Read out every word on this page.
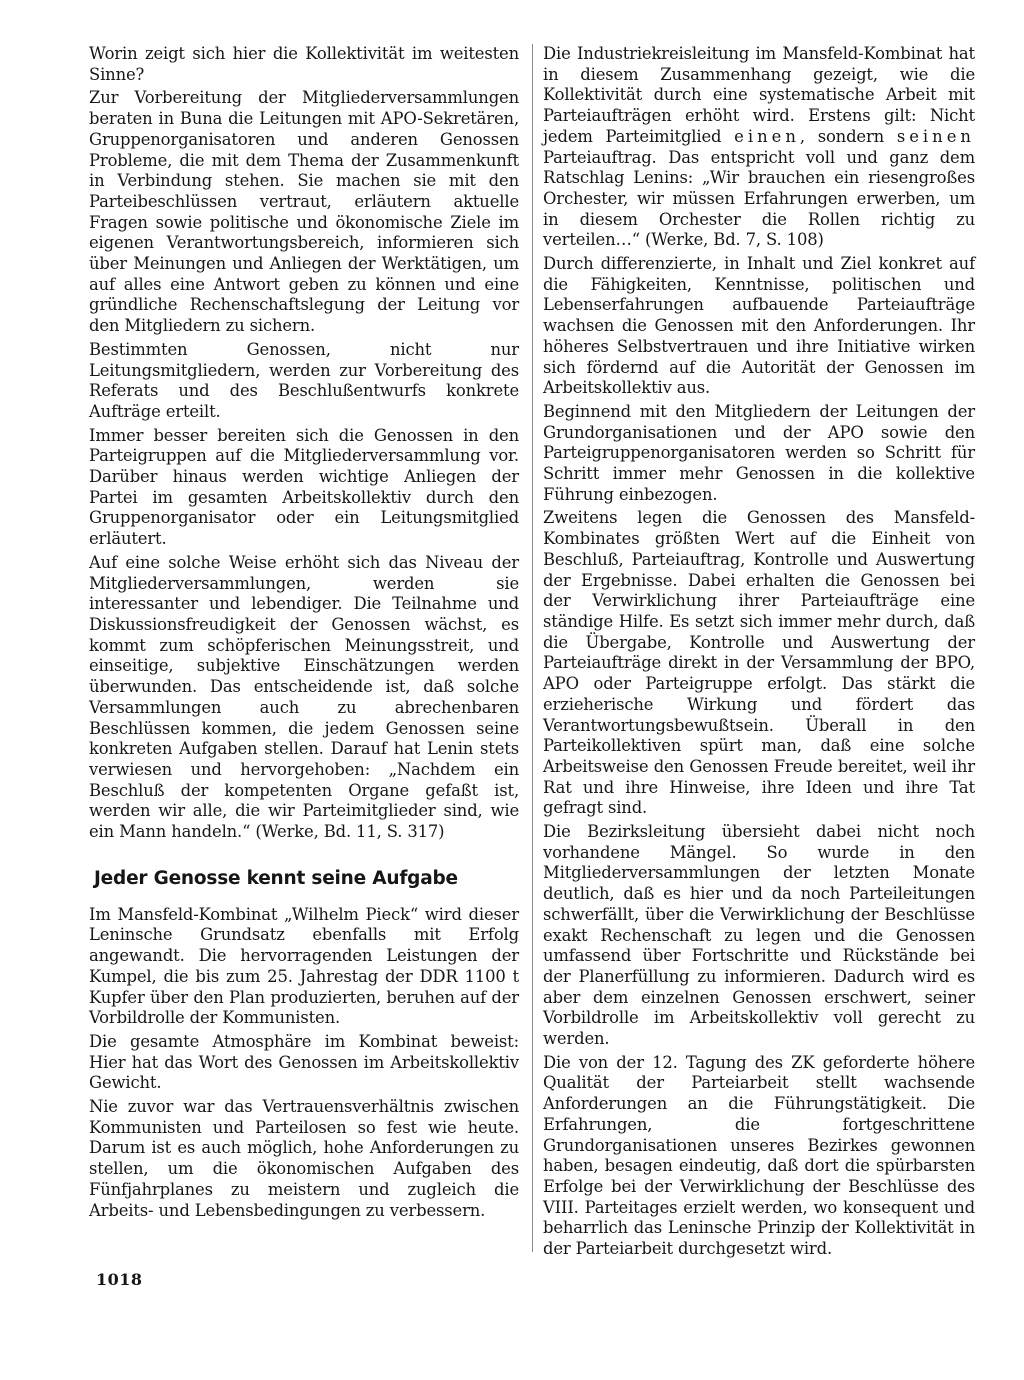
Worin zeigt sich hier die Kollektivität im weitesten Sinne?

Zur Vorbereitung der Mitgliederversammlungen beraten in Buna die Leitungen mit APO-Sekretären, Gruppenorganisatoren und anderen Genossen Probleme, die mit dem Thema der Zusammenkunft in Verbindung stehen. Sie machen sie mit den Parteibeschlüssen vertraut, erläutern aktuelle Fragen sowie politische und ökonomische Ziele im eigenen Verantwortungsbereich, informieren sich über Meinungen und Anliegen der Werktätigen, um auf alles eine Antwort geben zu können und eine gründliche Rechenschaftslegung der Leitung vor den Mitgliedern zu sichern.

Bestimmten Genossen, nicht nur Leitungsmitgliedern, werden zur Vorbereitung des Referats und des Beschlußentwurfs konkrete Aufträge erteilt.

Immer besser bereiten sich die Genossen in den Parteigruppen auf die Mitgliederversammlung vor. Darüber hinaus werden wichtige Anliegen der Partei im gesamten Arbeitskollektiv durch den Gruppenorganisator oder ein Leitungsmitglied erläutert.

Auf eine solche Weise erhöht sich das Niveau der Mitgliederversammlungen, werden sie interessanter und lebendiger. Die Teilnahme und Diskussionsfreudigkeit der Genossen wächst, es kommt zum schöpferischen Meinungsstreit, und einseitige, subjektive Einschätzungen werden überwunden. Das entscheidende ist, daß solche Versammlungen auch zu abrechenbaren Beschlüssen kommen, die jedem Genossen seine konkreten Aufgaben stellen. Darauf hat Lenin stets verwiesen und hervorgehoben: „Nachdem ein Beschluß der kompetenten Organe gefaßt ist, werden wir alle, die wir Parteimitglieder sind, wie ein Mann handeln.“ (Werke, Bd. 11, S. 317)

Jeder Genosse kennt seine Aufgabe

Im Mansfeld-Kombinat „Wilhelm Pieck“ wird dieser Leninsche Grundsatz ebenfalls mit Erfolg angewandt. Die hervorragenden Leistungen der Kumpel, die bis zum 25. Jahrestag der DDR 1100 t Kupfer über den Plan produzierten, beruhen auf der Vorbildrolle der Kommunisten.

Die gesamte Atmosphäre im Kombinat beweist: Hier hat das Wort des Genossen im Arbeitskollektiv Gewicht.

Nie zuvor war das Vertrauensverhältnis zwischen Kommunisten und Parteilosen so fest wie heute. Darum ist es auch möglich, hohe Anforderungen zu stellen, um die ökonomischen Aufgaben des Fünfjahrplanes zu meistern und zugleich die Arbeits- und Lebensbedingungen zu verbessern.

Die Industriekreisleitung im Mansfeld-Kombinat hat in diesem Zusammenhang gezeigt, wie die Kollektivität durch eine systematische Arbeit mit Parteiaufträgen erhöht wird. Erstens gilt: Nicht jedem Parteimitglied einen, sondern seinen Parteiauftrag. Das entspricht voll und ganz dem Ratschlag Lenins: „Wir brauchen ein riesengroßes Orchester, wir müssen Erfahrungen erwerben, um in diesem Orchester die Rollen richtig zu verteilen…“ (Werke, Bd. 7, S. 108)

Durch differenzierte, in Inhalt und Ziel konkret auf die Fähigkeiten, Kenntnisse, politischen und Lebenserfahrungen aufbauende Parteiaufträge wachsen die Genossen mit den Anforderungen. Ihr höheres Selbstvertrauen und ihre Initiative wirken sich fördernd auf die Autorität der Genossen im Arbeitskollektiv aus.

Beginnend mit den Mitgliedern der Leitungen der Grundorganisationen und der APO sowie den Parteigruppenorganisatoren werden so Schritt für Schritt immer mehr Genossen in die kollektive Führung einbezogen.

Zweitens legen die Genossen des Mansfeld-Kombinates größten Wert auf die Einheit von Beschluß, Parteiauftrag, Kontrolle und Auswertung der Ergebnisse. Dabei erhalten die Genossen bei der Verwirklichung ihrer Parteiaufträge eine ständige Hilfe. Es setzt sich immer mehr durch, daß die Übergabe, Kontrolle und Auswertung der Parteiaufträge direkt in der Versammlung der BPO, APO oder Parteigruppe erfolgt. Das stärkt die erzieherische Wirkung und fördert das Verantwortungsbewußtsein. Überall in den Parteikollektiven spürt man, daß eine solche Arbeitsweise den Genossen Freude bereitet, weil ihr Rat und ihre Hinweise, ihre Ideen und ihre Tat gefragt sind.

Die Bezirksleitung übersieht dabei nicht noch vorhandene Mängel. So wurde in den Mitgliederversammlungen der letzten Monate deutlich, daß es hier und da noch Parteileitungen schwerfällt, über die Verwirklichung der Beschlüsse exakt Rechenschaft zu legen und die Genossen umfassend über Fortschritte und Rückstände bei der Planerfüllung zu informieren. Dadurch wird es aber dem einzelnen Genossen erschwert, seiner Vorbildrolle im Arbeitskollektiv voll gerecht zu werden.

Die von der 12. Tagung des ZK geforderte höhere Qualität der Parteiarbeit stellt wachsende Anforderungen an die Führungstätigkeit. Die Erfahrungen, die fortgeschrittene Grundorganisationen unseres Bezirkes gewonnen haben, besagen eindeutig, daß dort die spürbarsten Erfolge bei der Verwirklichung der Beschlüsse des VIII. Parteitages erzielt werden, wo konsequent und beharrlich das Leninsche Prinzip der Kollektivität in der Parteiarbeit durchgesetzt wird.

1018
